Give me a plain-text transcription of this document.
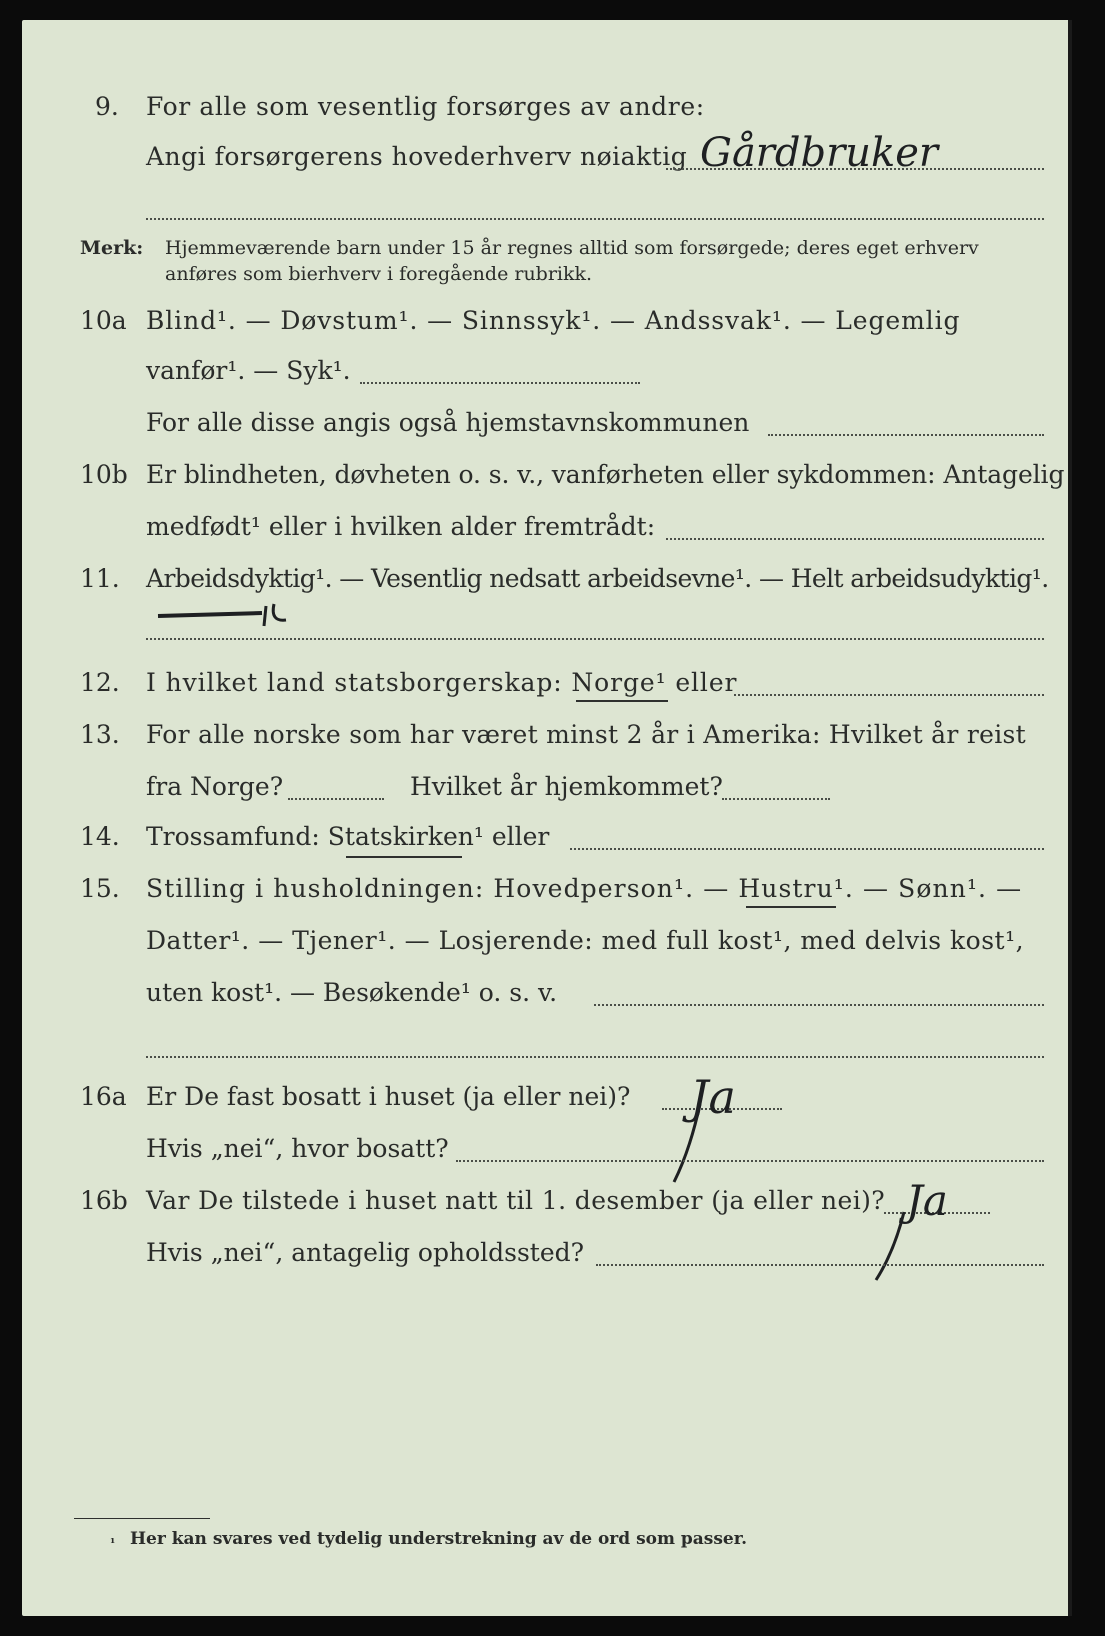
9. For alle som vesentlig forsørges av andre:
Angi forsørgerens hovederhverv nøiaktig Gårdbruker
Merk: Hjemmeværende barn under 15 år regnes alltid som forsørgede; deres eget erhverv
anføres som bierhverv i foregående rubrikk.
10a Blind¹. — Døvstum¹. — Sinnssyk¹. — Andssvak¹. — Legemlig
vanfør¹. — Syk¹.
For alle disse angis også hjemstavnskommunen
10b Er blindheten, døvheten o. s. v., vanførheten eller sykdommen: Antagelig
medfødt¹ eller i hvilken alder fremtrådt:
11. Arbeidsdyktig¹. — Vesentlig nedsatt arbeidsevne¹. — Helt arbeidsudyktig¹.
12. I hvilket land statsborgerskap: Norge¹ eller
13. For alle norske som har været minst 2 år i Amerika: Hvilket år reist
fra Norge?	Hvilket år hjemkommet?
14. Trossamfund: Statskirken¹ eller
15. Stilling i husholdningen: Hovedperson¹. — Hustru¹. — Sønn¹. —
Datter¹. — Tjener¹. — Losjerende: med full kost¹, med delvis kost¹,
uten kost¹. — Besøkende¹ o. s. v.
16a Er De fast bosatt i huset (ja eller nei)? Ja
Hvis „nei“, hvor bosatt?
16b Var De tilstede i huset natt til 1. desember (ja eller nei)? Ja
Hvis „nei“, antagelig opholdssted?
¹ Her kan svares ved tydelig understrekning av de ord som passer.
